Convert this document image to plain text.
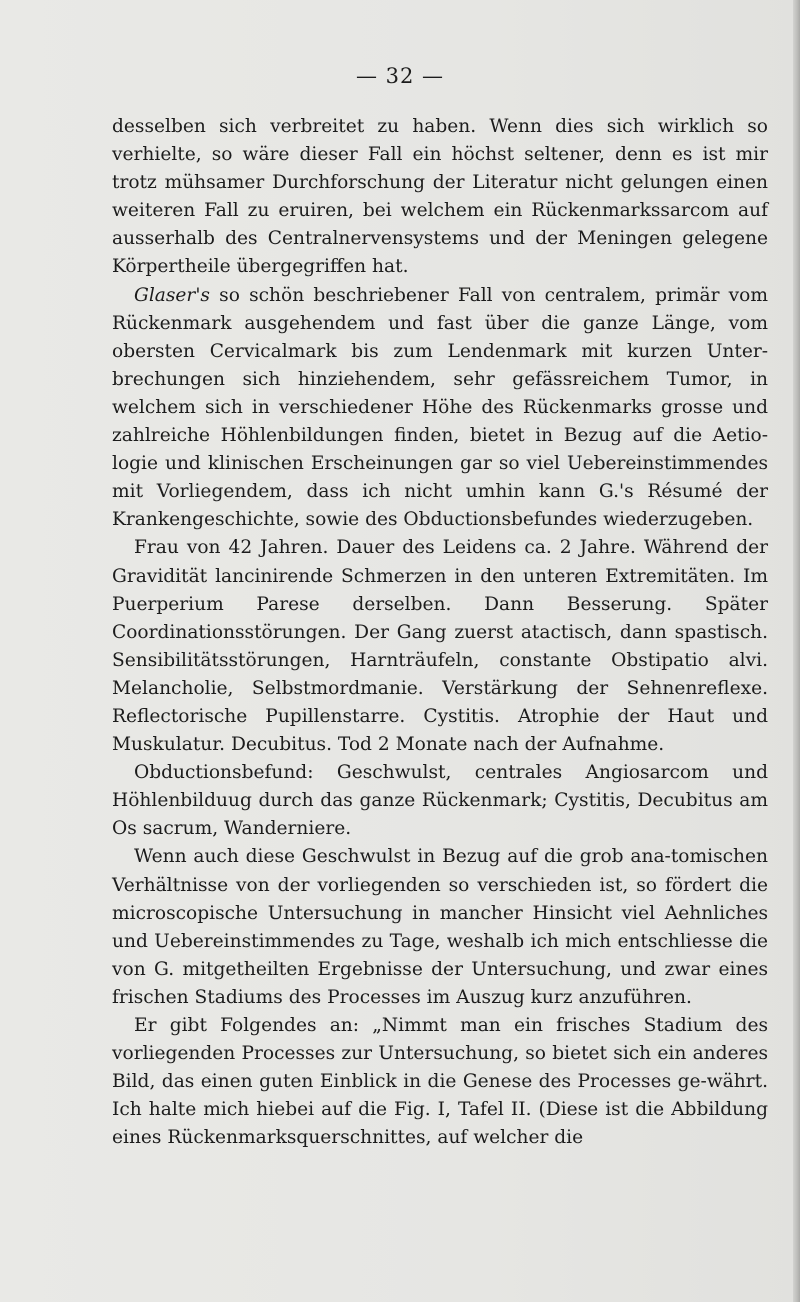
— 32 —

desselben sich verbreitet zu haben. Wenn dies sich wirklich so verhielte, so wäre dieser Fall ein höchst seltener, denn es ist mir trotz mühsamer Durchforschung der Literatur nicht gelungen einen weiteren Fall zu eruiren, bei welchem ein Rückenmarkssarcom auf ausserhalb des Centralnervensystems und der Meningen gelegene Körpertheile übergegriffen hat.

Glaser's so schön beschriebener Fall von centralem, primär vom Rückenmark ausgehendem und fast über die ganze Länge, vom obersten Cervicalmark bis zum Lendenmark mit kurzen Unter-brechungen sich hinziehendem, sehr gefässreichem Tumor, in welchem sich in verschiedener Höhe des Rückenmarks grosse und zahlreiche Höhlenbildungen finden, bietet in Bezug auf die Aetio-logie und klinischen Erscheinungen gar so viel Uebereinstimmendes mit Vorliegendem, dass ich nicht umhin kann G.'s Résumé der Krankengeschichte, sowie des Obductionsbefundes wiederzugeben.

Frau von 42 Jahren. Dauer des Leidens ca. 2 Jahre. Während der Gravidität lancinirende Schmerzen in den unteren Extremitäten. Im Puerperium Parese derselben. Dann Besserung. Später Coordinationsstörungen. Der Gang zuerst atactisch, dann spastisch. Sensibilitätsstörungen, Harnträufeln, constante Obstipatio alvi. Melancholie, Selbstmordmanie. Verstärkung der Sehnenreflexe. Reflectorische Pupillenstarre. Cystitis. Atrophie der Haut und Muskulatur. Decubitus. Tod 2 Monate nach der Aufnahme.

Obductionsbefund: Geschwulst, centrales Angiosarcom und Höhlenbilduug durch das ganze Rückenmark; Cystitis, Decubitus am Os sacrum, Wanderniere.

Wenn auch diese Geschwulst in Bezug auf die grob ana-tomischen Verhältnisse von der vorliegenden so verschieden ist, so fördert die microscopische Untersuchung in mancher Hinsicht viel Aehnliches und Uebereinstimmendes zu Tage, weshalb ich mich entschliesse die von G. mitgetheilten Ergebnisse der Untersuchung, und zwar eines frischen Stadiums des Processes im Auszug kurz anzuführen.

Er gibt Folgendes an: „Nimmt man ein frisches Stadium des vorliegenden Processes zur Untersuchung, so bietet sich ein anderes Bild, das einen guten Einblick in die Genese des Processes ge-währt. Ich halte mich hiebei auf die Fig. I, Tafel II. (Diese ist die Abbildung eines Rückenmarksquerschnittes, auf welcher die
